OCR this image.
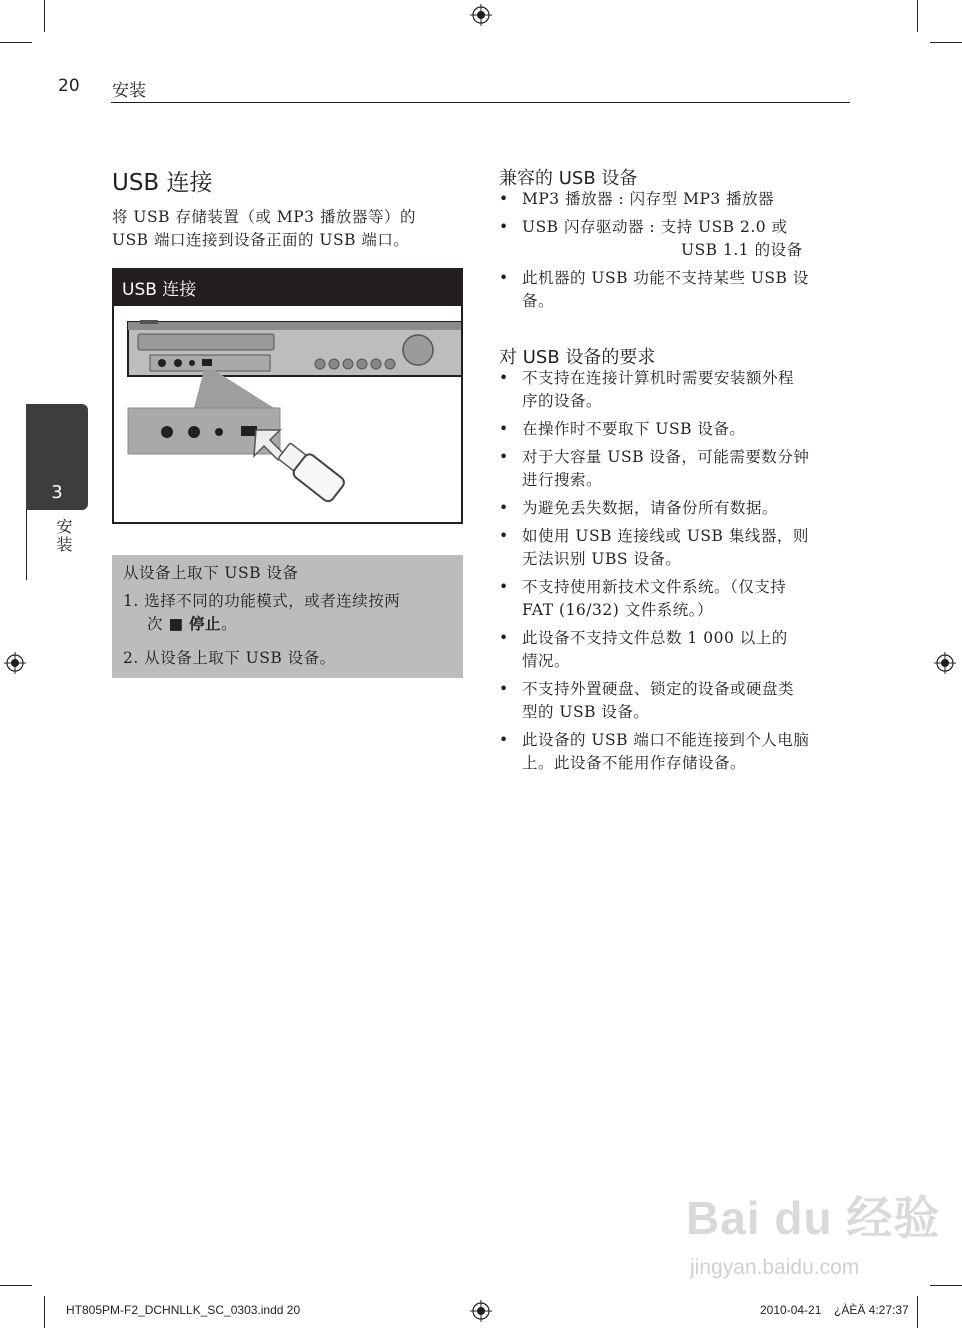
20 安装
3
安装
USB 连接
将 USB 存储装置（或 MP3 播放器等）的
USB 端口连接到设备正面的 USB 端口。
USB 连接
从设备上取下 USB 设备
1. 选择不同的功能模式，或者连续按两
次 ■ 停止。
2. 从设备上取下 USB 设备。
兼容的 USB 设备
• MP3 播放器 : 闪存型 MP3 播放器
• USB 闪存驱动器 : 支持 USB 2.0 或
USB 1.1 的设备
• 此机器的 USB 功能不支持某些 USB 设
备。
对 USB 设备的要求
• 不支持在连接计算机时需要安装额外程
序的设备。
• 在操作时不要取下 USB 设备。
• 对于大容量 USB 设备，可能需要数分钟
进行搜索。
• 为避免丢失数据，请备份所有数据。
• 如使用 USB 连接线或 USB 集线器，则
无法识别 UBS 设备。
• 不支持使用新技术文件系统。（仅支持
FAT (16/32) 文件系统。）
• 此设备不支持文件总数 1 000 以上的
情况。
• 不支持外置硬盘、锁定的设备或硬盘类
型的 USB 设备。
• 此设备的 USB 端口不能连接到个人电脑
上。此设备不能用作存储设备。
Bai du 经验
jingyan.baidu.com
HT805PM-F2_DCHNLLK_SC_0303.indd 20	2010-04-21 ¿ÀÈÄ 4:27:37
